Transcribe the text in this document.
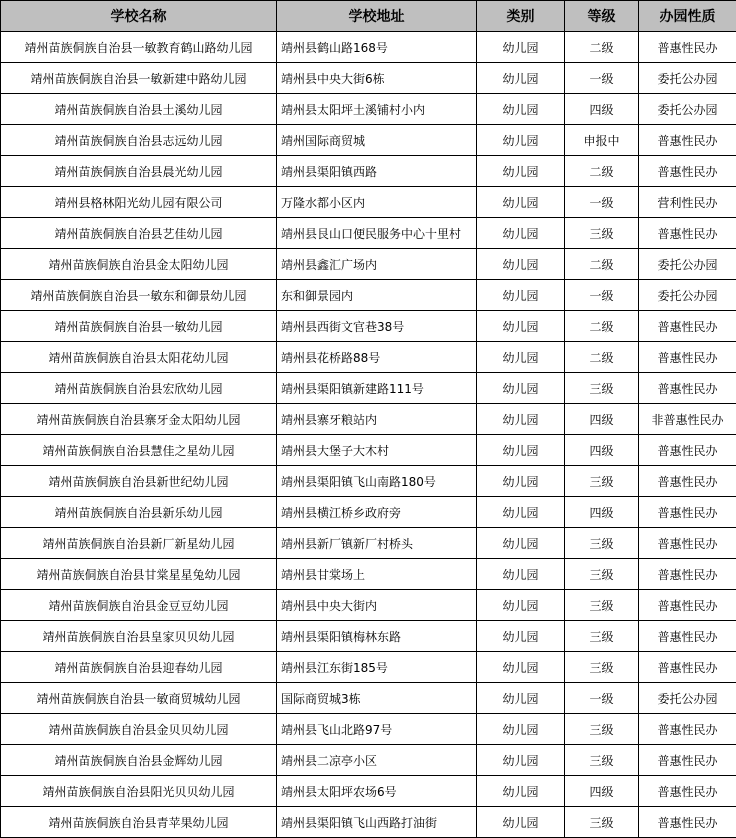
学校名称	学校地址	类别	等级	办园性质
靖州苗族侗族自治县一敏教育鹤山路幼儿园	靖州县鹤山路168号	幼儿园	二级	普惠性民办
靖州苗族侗族自治县一敏新建中路幼儿园	靖州县中央大街6栋	幼儿园	一级	委托公办园
靖州苗族侗族自治县土溪幼儿园	靖州县太阳坪土溪铺村小内	幼儿园	四级	委托公办园
靖州苗族侗族自治县志远幼儿园	靖州国际商贸城	幼儿园	申报中	普惠性民办
靖州苗族侗族自治县晨光幼儿园	靖州县渠阳镇西路	幼儿园	二级	普惠性民办
靖州县格林阳光幼儿园有限公司	万隆水都小区内	幼儿园	一级	营利性民办
靖州苗族侗族自治县艺佳幼儿园	靖州县艮山口便民服务中心十里村	幼儿园	三级	普惠性民办
靖州苗族侗族自治县金太阳幼儿园	靖州县鑫汇广场内	幼儿园	二级	委托公办园
靖州苗族侗族自治县一敏东和御景幼儿园	东和御景园内	幼儿园	一级	委托公办园
靖州苗族侗族自治县一敏幼儿园	靖州县西街文官巷38号	幼儿园	二级	普惠性民办
靖州苗族侗族自治县太阳花幼儿园	靖州县花桥路88号	幼儿园	二级	普惠性民办
靖州苗族侗族自治县宏欣幼儿园	靖州县渠阳镇新建路111号	幼儿园	三级	普惠性民办
靖州苗族侗族自治县寨牙金太阳幼儿园	靖州县寨牙粮站内	幼儿园	四级	非普惠性民办
靖州苗族侗族自治县慧佳之星幼儿园	靖州县大堡子大木村	幼儿园	四级	普惠性民办
靖州苗族侗族自治县新世纪幼儿园	靖州县渠阳镇飞山南路180号	幼儿园	三级	普惠性民办
靖州苗族侗族自治县新乐幼儿园	靖州县横江桥乡政府旁	幼儿园	四级	普惠性民办
靖州苗族侗族自治县新厂新星幼儿园	靖州县新厂镇新厂村桥头	幼儿园	三级	普惠性民办
靖州苗族侗族自治县甘棠星星兔幼儿园	靖州县甘棠场上	幼儿园	三级	普惠性民办
靖州苗族侗族自治县金豆豆幼儿园	靖州县中央大街内	幼儿园	三级	普惠性民办
靖州苗族侗族自治县皇家贝贝幼儿园	靖州县渠阳镇梅林东路	幼儿园	三级	普惠性民办
靖州苗族侗族自治县迎春幼儿园	靖州县江东街185号	幼儿园	三级	普惠性民办
靖州苗族侗族自治县一敏商贸城幼儿园	国际商贸城3栋	幼儿园	一级	委托公办园
靖州苗族侗族自治县金贝贝幼儿园	靖州县飞山北路97号	幼儿园	三级	普惠性民办
靖州苗族侗族自治县金辉幼儿园	靖州县二凉亭小区	幼儿园	三级	普惠性民办
靖州苗族侗族自治县阳光贝贝幼儿园	靖州县太阳坪农场6号	幼儿园	四级	普惠性民办
靖州苗族侗族自治县青苹果幼儿园	靖州县渠阳镇飞山西路打油街	幼儿园	三级	普惠性民办
